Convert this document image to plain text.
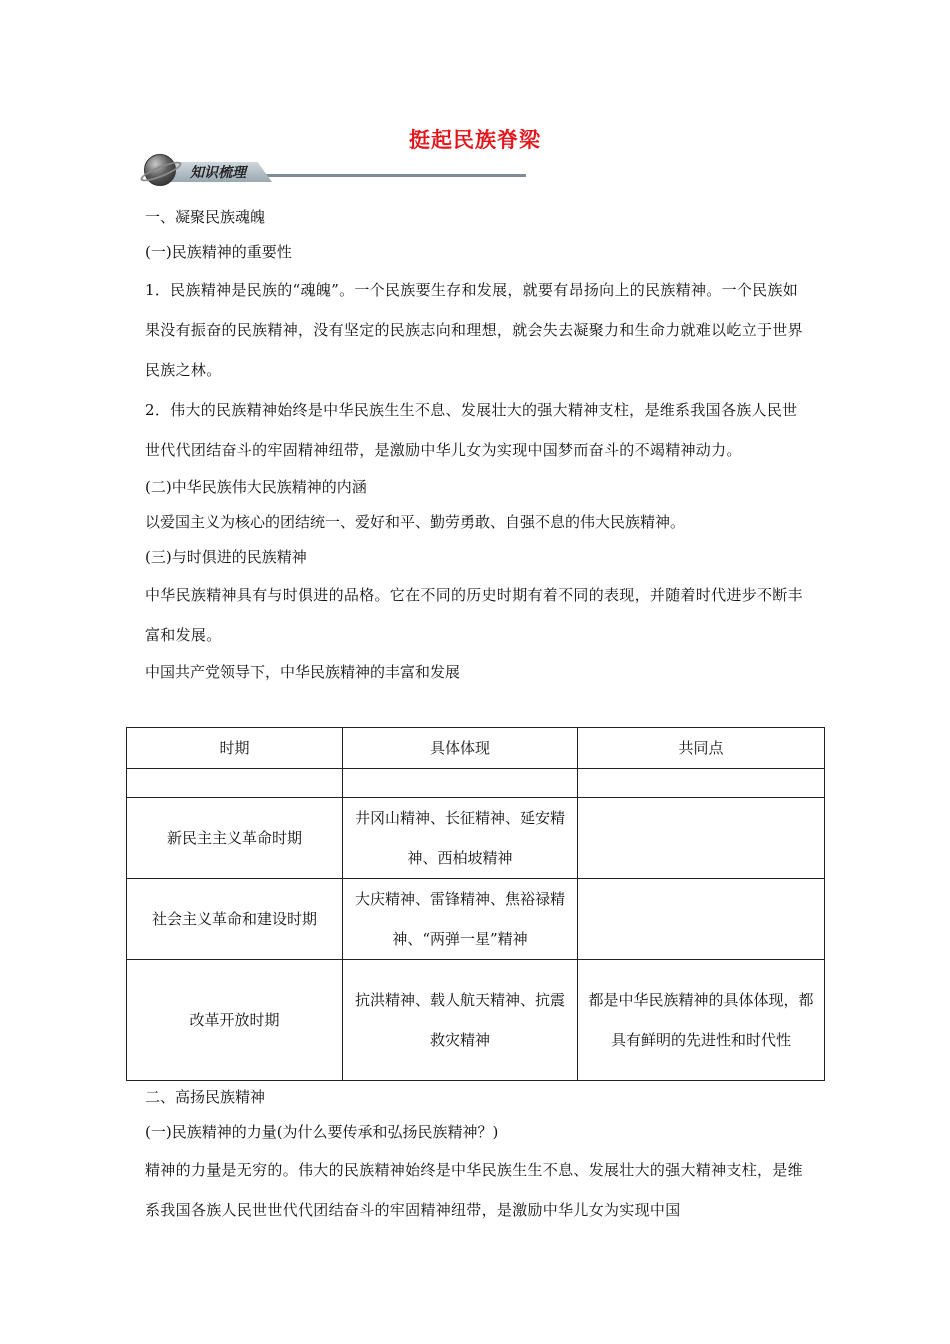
挺起民族脊梁
知识梳理

一、凝聚民族魂魄

(一)民族精神的重要性

1．民族精神是民族的“魂魄”。一个民族要生存和发展，就要有昂扬向上的民族精神。一个民族如果没有振奋的民族精神，没有坚定的民族志向和理想，就会失去凝聚力和生命力就难以屹立于世界民族之林。

2．伟大的民族精神始终是中华民族生生不息、发展壮大的强大精神支柱，是维系我国各族人民世世代代团结奋斗的牢固精神纽带，是激励中华儿女为实现中国梦而奋斗的不竭精神动力。

(二)中华民族伟大民族精神的内涵

以爱国主义为核心的团结统一、爱好和平、勤劳勇敢、自强不息的伟大民族精神。

(三)与时俱进的民族精神

中华民族精神具有与时俱进的品格。它在不同的历史时期有着不同的表现，并随着时代进步不断丰富和发展。

中国共产党领导下，中华民族精神的丰富和发展

时期	具体体现	共同点

新民主主义革命时期	井冈山精神、长征精神、延安精神、西柏坡精神	
社会主义革命和建设时期	大庆精神、雷锋精神、焦裕禄精神、“两弹一星”精神	
改革开放时期	抗洪精神、载人航天精神、抗震救灾精神	都是中华民族精神的具体体现，都具有鲜明的先进性和时代性

二、高扬民族精神

(一)民族精神的力量(为什么要传承和弘扬民族精神？)

精神的力量是无穷的。伟大的民族精神始终是中华民族生生不息、发展壮大的强大精神支柱，是维系我国各族人民世世代代团结奋斗的牢固精神纽带，是激励中华儿女为实现中国
